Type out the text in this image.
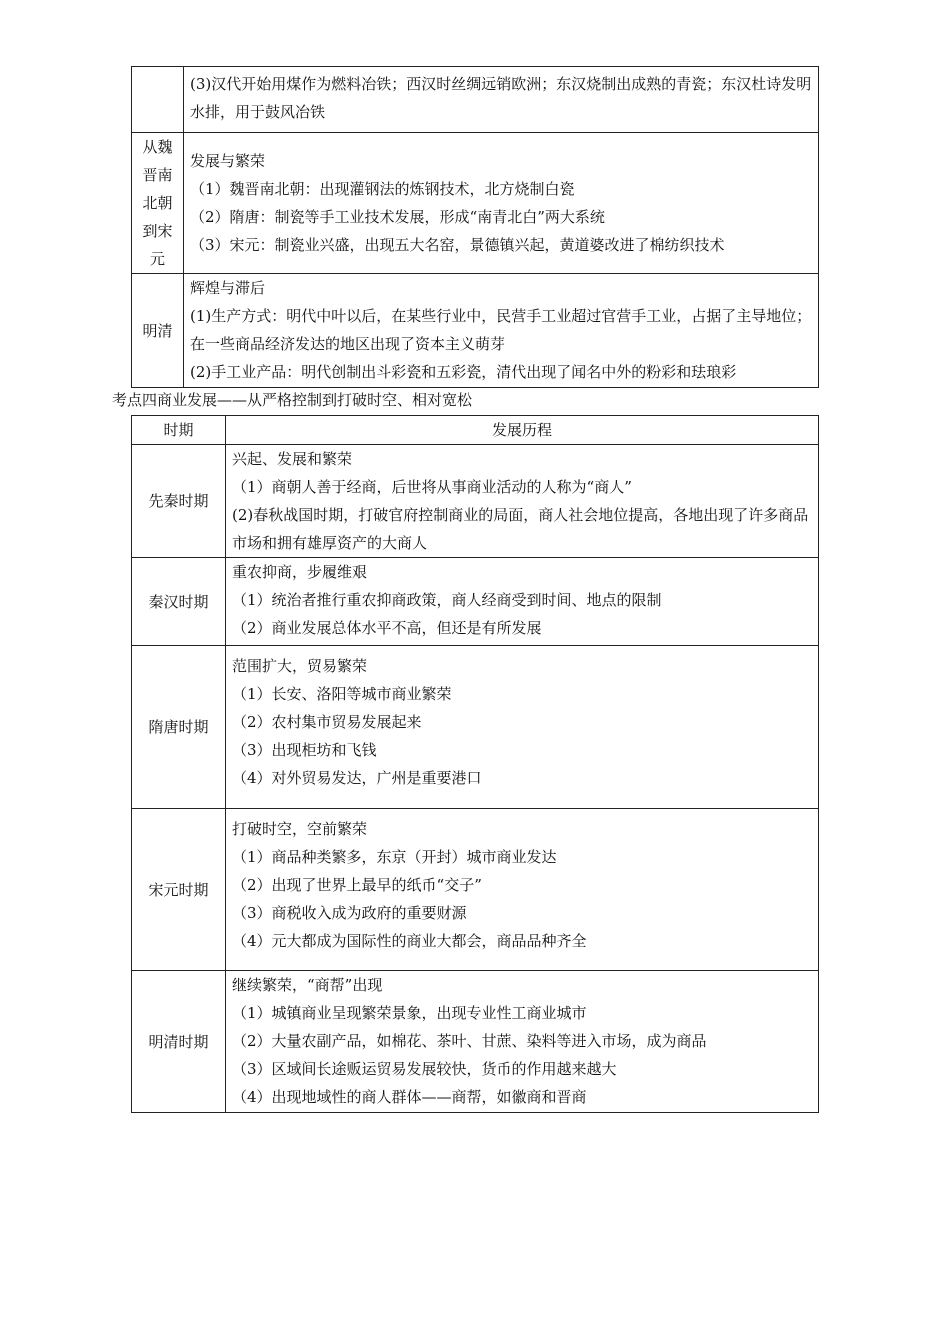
	(3)汉代开始用煤作为燃料冶铁；西汉时丝绸远销欧洲；东汉烧制出成熟的青瓷；东汉杜诗发明水排，用于鼓风冶铁

从魏晋南北朝到宋元	发展与繁荣
（1）魏晋南北朝：出现灌钢法的炼钢技术，北方烧制白瓷
（2）隋唐：制瓷等手工业技术发展，形成“南青北白”两大系统
（3）宋元：制瓷业兴盛，出现五大名窑，景德镇兴起，黄道婆改进了棉纺织技术

明清	辉煌与滞后
(1)生产方式：明代中叶以后，在某些行业中，民营手工业超过官营手工业，占据了主导地位；在一些商品经济发达的地区出现了资本主义萌芽
(2)手工业产品：明代创制出斗彩瓷和五彩瓷，清代出现了闻名中外的粉彩和珐琅彩
考点四商业发展——从严格控制到打破时空、相对宽松
时期	发展历程

先秦时期	兴起、发展和繁荣
（1）商朝人善于经商，后世将从事商业活动的人称为“商人”
(2)春秋战国时期，打破官府控制商业的局面，商人社会地位提高，各地出现了许多商品市场和拥有雄厚资产的大商人

秦汉时期	重农抑商，步履维艰
（1）统治者推行重农抑商政策，商人经商受到时间、地点的限制
（2）商业发展总体水平不高，但还是有所发展

隋唐时期	范围扩大，贸易繁荣
（1）长安、洛阳等城市商业繁荣
（2）农村集市贸易发展起来
（3）出现柜坊和飞钱
（4）对外贸易发达，广州是重要港口

宋元时期	打破时空，空前繁荣
（1）商品种类繁多，东京（开封）城市商业发达
（2）出现了世界上最早的纸币“交子”
（3）商税收入成为政府的重要财源
（4）元大都成为国际性的商业大都会，商品品种齐全

明清时期	继续繁荣，“商帮”出现
（1）城镇商业呈现繁荣景象，出现专业性工商业城市
（2）大量农副产品，如棉花、茶叶、甘蔗、染料等进入市场，成为商品
（3）区域间长途贩运贸易发展较快，货币的作用越来越大
（4）出现地域性的商人群体——商帮，如徽商和晋商
